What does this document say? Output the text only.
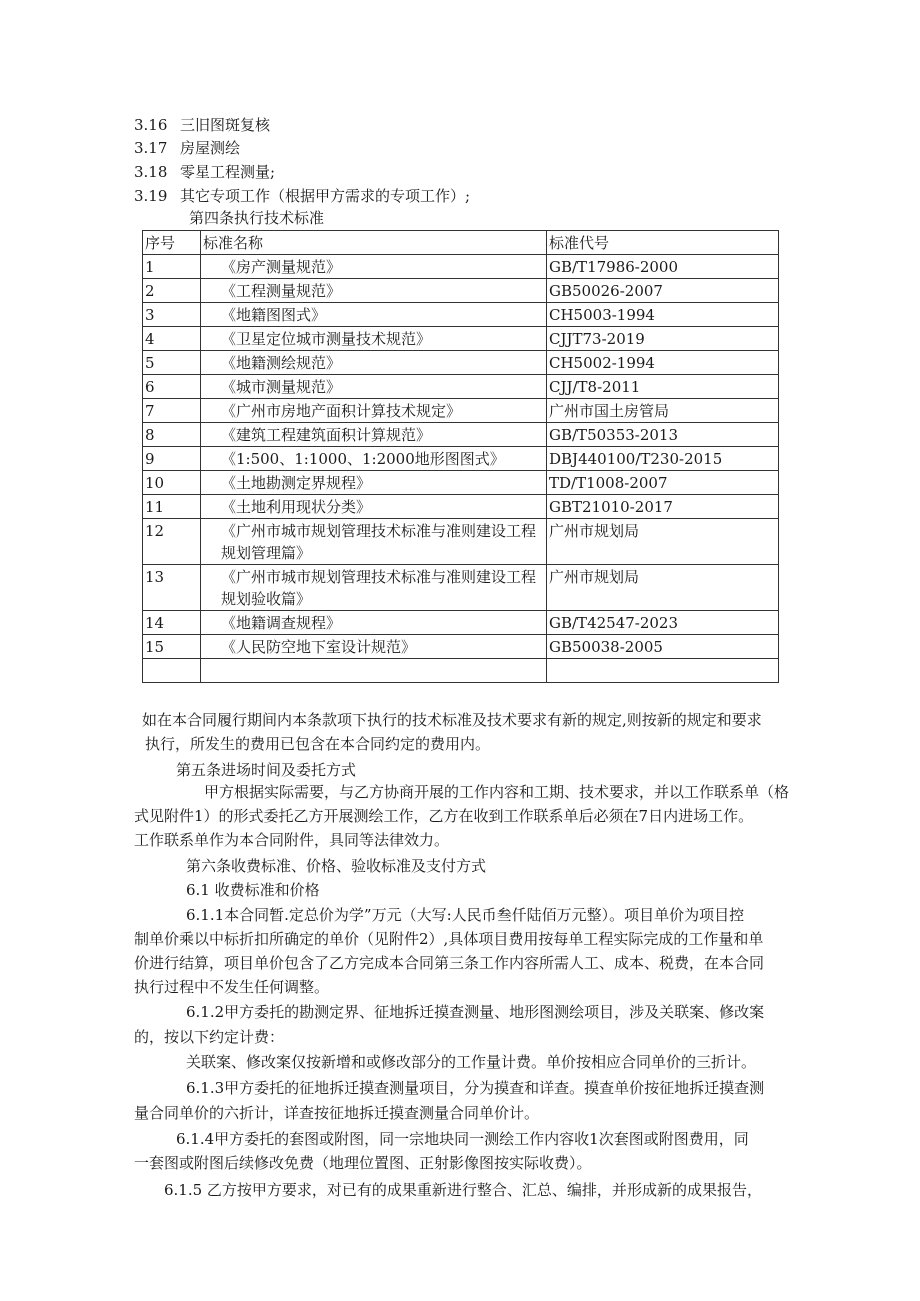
3.16 三旧图斑复核
3.17 房屋测绘
3.18 零星工程测量;
3.19 其它专项工作（根据甲方需求的专项工作）;
第四条执行技术标准
序号	标准名称	标准代号
1	《房产测量规范》	GB/T17986-2000
2	《工程测量规范》	GB50026-2007
3	《地籍图图式》	CH5003-1994
4	《卫星定位城市测量技术规范》	CJJT73-2019
5	《地籍测绘规范》	CH5002-1994
6	《城市测量规范》	CJJ/T8-2011
7	《广州市房地产面积计算技术规定》	广州市国土房管局
8	《建筑工程建筑面积计算规范》	GB/T50353-2013
9	《1:500、1:1000、1:2000地形图图式》	DBJ440100/T230-2015
10	《土地勘测定界规程》	TD/T1008-2007
11	《土地利用现状分类》	GBT21010-2017
12	《广州市城市规划管理技术标准与准则建设工程规划管理篇》	广州市规划局
13	《广州市城市规划管理技术标准与准则建设工程规划验收篇》	广州市规划局
14	《地籍调查规程》	GB/T42547-2023
15	《人民防空地下室设计规范》	GB50038-2005

如在本合同履行期间内本条款项下执行的技术标准及技术要求有新的规定,则按新的规定和要求
执行，所发生的费用已包含在本合同约定的费用内。
第五条进场时间及委托方式
甲方根据实际需要，与乙方协商开展的工作内容和工期、技术要求，并以工作联系单（格
式见附件1）的形式委托乙方开展测绘工作，乙方在收到工作联系单后必须在7日内进场工作。
工作联系单作为本合同附件，具同等法律效力。
第六条收费标准、价格、验收标准及支付方式
6.1 收费标准和价格
6.1.1本合同暂.定总价为学”万元（大写:人民币叁仟陆佰万元整）。项目单价为项目控
制单价乘以中标折扣所确定的单价（见附件2）,具体项目费用按每单工程实际完成的工作量和单
价进行结算，项目单价包含了乙方完成本合同第三条工作内容所需人工、成本、税费，在本合同
执行过程中不发生任何调整。
6.1.2甲方委托的勘测定界、征地拆迁摸查测量、地形图测绘项目，涉及关联案、修改案
的，按以下约定计费：
关联案、修改案仅按新增和或修改部分的工作量计费。单价按相应合同单价的三折计。
6.1.3甲方委托的征地拆迁摸查测量项目，分为摸查和详查。摸查单价按征地拆迁摸查测
量合同单价的六折计，详查按征地拆迁摸查测量合同单价计。
6.1.4甲方委托的套图或附图，同一宗地块同一测绘工作内容收1次套图或附图费用，同
一套图或附图后续修改免费（地理位置图、正射影像图按实际收费）。
6.1.5 乙方按甲方要求，对已有的成果重新进行整合、汇总、编排，并形成新的成果报告，
